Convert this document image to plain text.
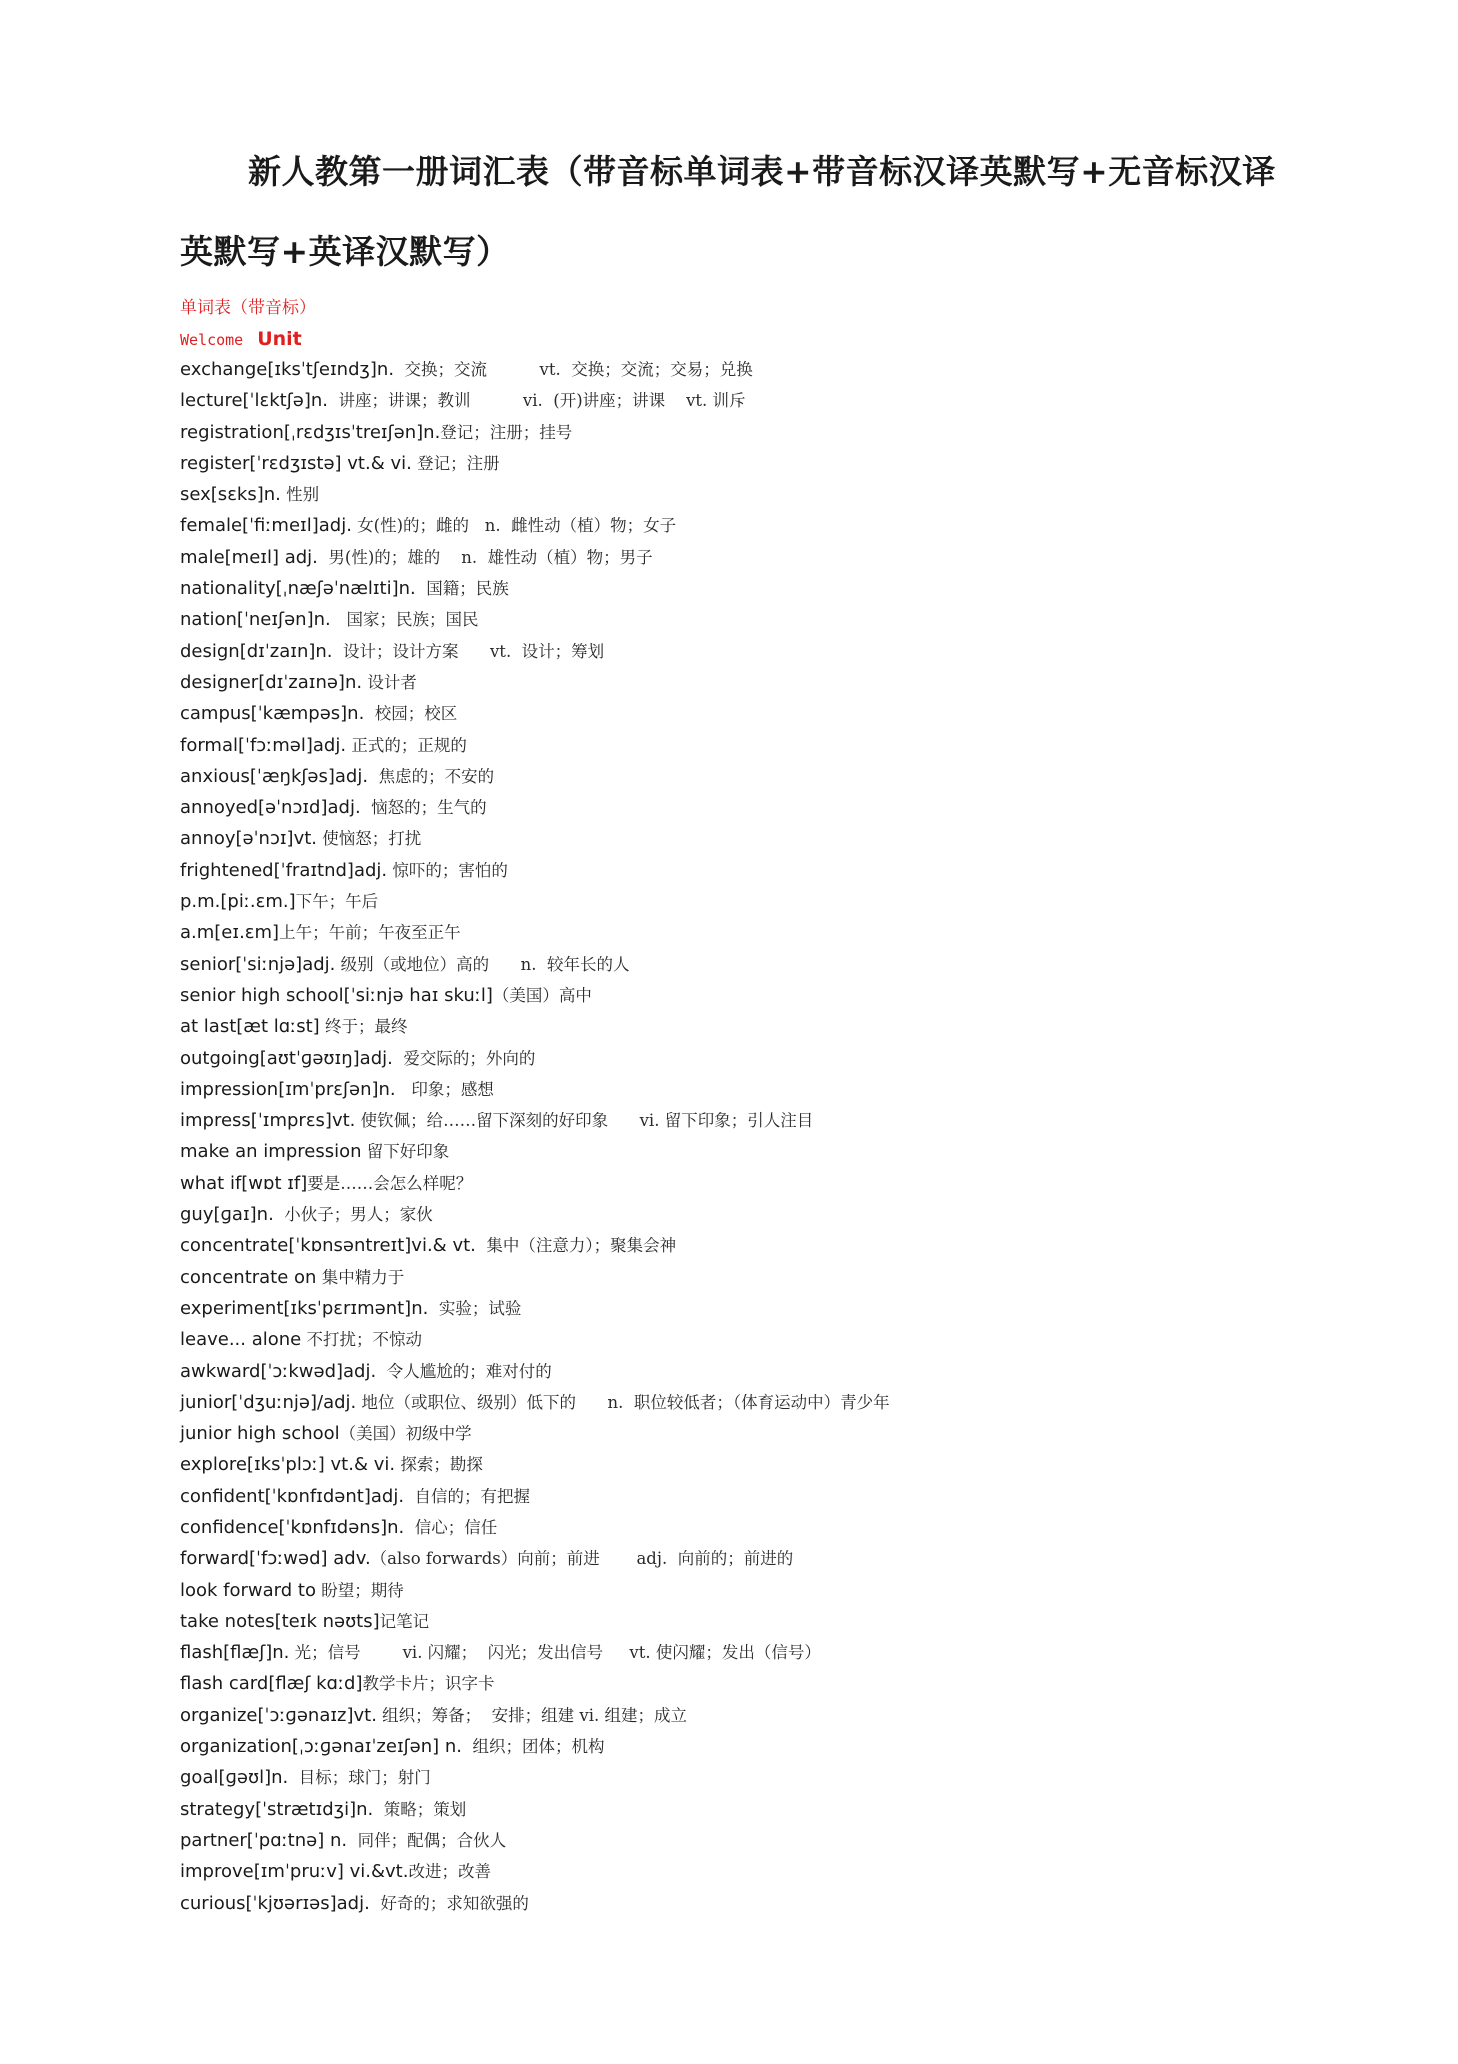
新人教第一册词汇表（带音标单词表+带音标汉译英默写+无音标汉译英默写+英译汉默写）
单词表（带音标）
Welcome Unit
exchange[ɪksˈtʃeɪndʒ]n.  交换；交流          vt.  交换；交流；交易；兑换
lecture[ˈlɛktʃə]n.  讲座；讲课；教训          vi.  (开)讲座；讲课    vt. 训斥
registration[ˌrɛdʒɪsˈtreɪʃən]n.登记；注册；挂号
register[ˈrɛdʒɪstə] vt.& vi. 登记；注册
sex[sɛks]n. 性别
female[ˈfiːmeɪl]adj. 女(性)的；雌的   n.  雌性动（植）物；女子
male[meɪl] adj.  男(性)的；雄的    n.  雄性动（植）物；男子
nationality[ˌnæʃəˈnælɪti]n.  国籍；民族
nation[ˈneɪʃən]n.   国家；民族；国民
design[dɪˈzaɪn]n.  设计；设计方案      vt.  设计；筹划
designer[dɪˈzaɪnə]n. 设计者
campus[ˈkæmpəs]n.  校园；校区
formal[ˈfɔːməl]adj. 正式的；正规的
anxious[ˈæŋkʃəs]adj.  焦虑的；不安的
annoyed[əˈnɔɪd]adj.  恼怒的；生气的
annoy[əˈnɔɪ]vt. 使恼怒；打扰
frightened[ˈfraɪtnd]adj. 惊吓的；害怕的
p.m.[piː.ɛm.]下午；午后
a.m[eɪ.ɛm]上午；午前；午夜至正午
senior[ˈsiːnjə]adj. 级别（或地位）高的      n.  较年长的人
senior high school[ˈsiːnjə haɪ skuːl]（美国）高中
at last[æt lɑːst] 终于；最终
outgoing[aʊtˈɡəʊɪŋ]adj.  爱交际的；外向的
impression[ɪmˈprɛʃən]n.   印象；感想
impress[ˈɪmprɛs]vt. 使钦佩；给……留下深刻的好印象      vi. 留下印象；引人注目
make an impression 留下好印象
what if[wɒt ɪf]要是……会怎么样呢？
guy[ɡaɪ]n.  小伙子；男人；家伙
concentrate[ˈkɒnsəntreɪt]vi.& vt.  集中（注意力）；聚集会神
concentrate on 集中精力于
experiment[ɪksˈpɛrɪmənt]n.  实验；试验
leave... alone 不打扰；不惊动
awkward[ˈɔːkwəd]adj.  令人尴尬的；难对付的
junior[ˈdʒuːnjə]/adj. 地位（或职位、级别）低下的      n.  职位较低者；（体育运动中）青少年
junior high school（美国）初级中学
explore[ɪksˈplɔː] vt.& vi. 探索；勘探
confident[ˈkɒnfɪdənt]adj.  自信的；有把握
confidence[ˈkɒnfɪdəns]n.  信心；信任
forward[ˈfɔːwəd] adv.（also forwards）向前；前进       adj.  向前的；前进的
look forward to 盼望；期待
take notes[teɪk nəʊts]记笔记
flash[flæʃ]n. 光；信号        vi. 闪耀；  闪光；发出信号     vt. 使闪耀；发出（信号）
flash card[flæʃ kɑːd]教学卡片；识字卡
organize[ˈɔːɡənaɪz]vt. 组织；筹备；  安排；组建 vi. 组建；成立
organization[ˌɔːɡənaɪˈzeɪʃən] n.  组织；团体；机构
goal[ɡəʊl]n.  目标；球门；射门
strategy[ˈstrætɪdʒi]n.  策略；策划
partner[ˈpɑːtnə] n.  同伴；配偶；合伙人
improve[ɪmˈpruːv] vi.&vt.改进；改善
curious[ˈkjʊərɪəs]adj.  好奇的；求知欲强的
